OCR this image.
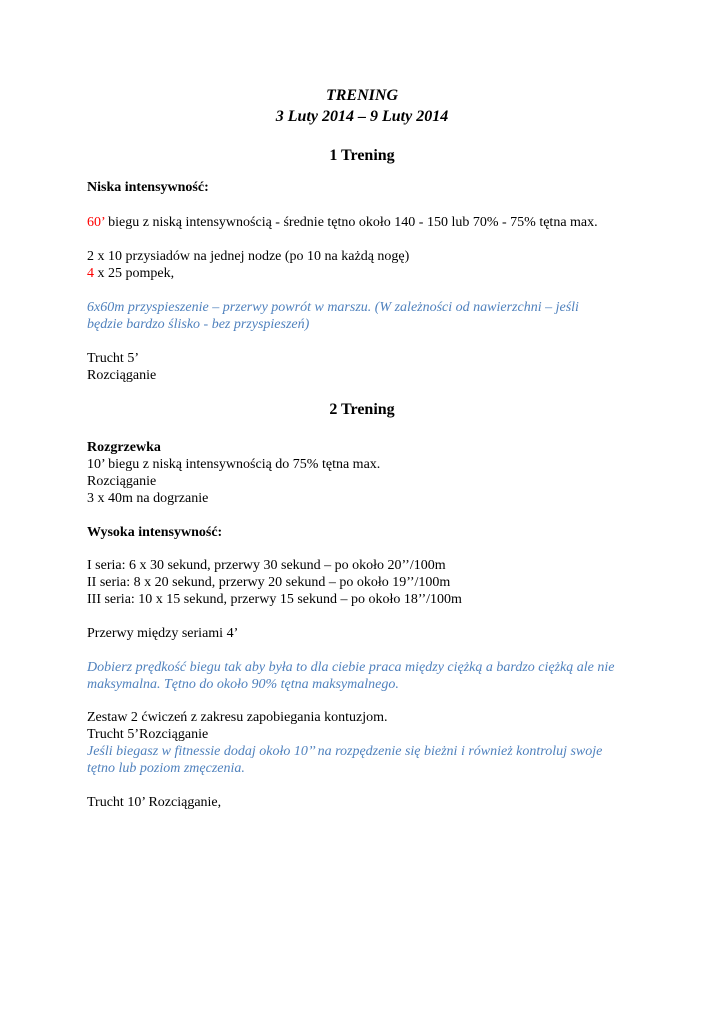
TRENING
3 Luty 2014 – 9 Luty 2014
1 Trening
Niska intensywność:
60’ biegu z niską intensywnością - średnie tętno około 140 - 150 lub 70% - 75% tętna max.
2 x 10 przysiadów na jednej nodze (po 10 na każdą nogę)
4 x 25 pompek,
6x60m przyspieszenie – przerwy powrót w marszu. (W zależności od nawierzchni – jeśli
będzie bardzo ślisko - bez przyspieszeń)
Trucht 5’
Rozciąganie
2 Trening
Rozgrzewka
10’ biegu z niską intensywnością do 75% tętna max.
Rozciąganie
3 x 40m na dogrzanie
Wysoka intensywność:
I seria: 6 x 30 sekund, przerwy 30 sekund – po około 20’’/100m
II seria: 8 x 20 sekund, przerwy 20 sekund – po około 19’’/100m
III seria: 10 x 15 sekund, przerwy 15 sekund – po około 18’’/100m
Przerwy między seriami 4’
Dobierz prędkość biegu tak aby była to dla ciebie praca między ciężką a bardzo ciężką ale nie
maksymalna. Tętno do około 90% tętna maksymalnego.
Zestaw 2 ćwiczeń z zakresu zapobiegania kontuzjom.
Trucht 5’Rozciąganie
Jeśli biegasz w fitnessie dodaj około 10’’ na rozpędzenie się bieżni i również kontroluj swoje
tętno lub poziom zmęczenia.
Trucht 10’ Rozciąganie,
